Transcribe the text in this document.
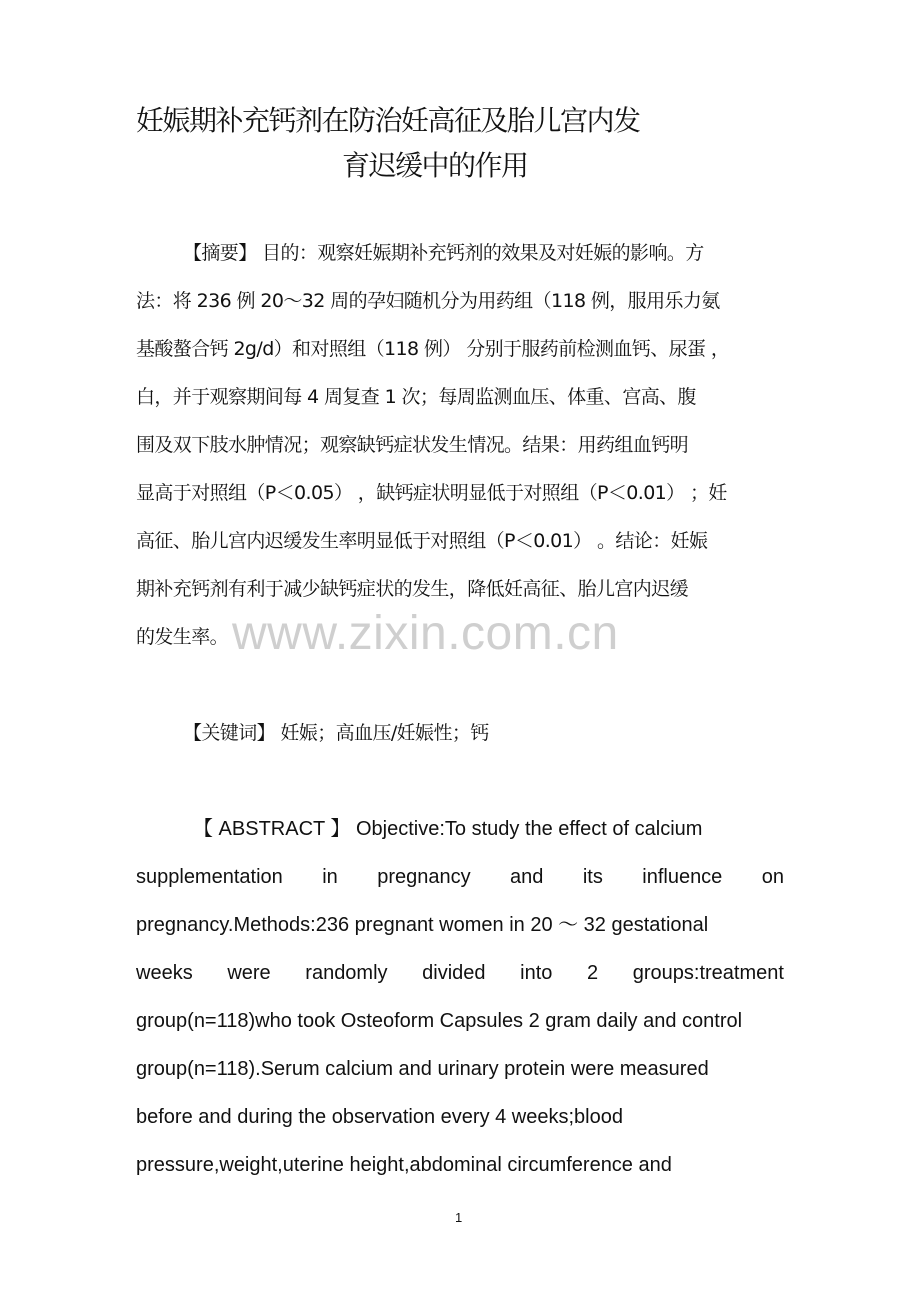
妊娠期补充钙剂在防治妊高征及胎儿宫内发
育迟缓中的作用
【摘要】 目的：观察妊娠期补充钙剂的效果及对妊娠的影响。方
法：将 236 例 20～32 周的孕妇随机分为用药组（118 例，服用乐力氨
基酸螯合钙 2g/d）和对照组（118 例） 分别于服药前检测血钙、尿蛋 ，
白，并于观察期间每 4 周复查 1 次；每周监测血压、体重、宫高、腹
围及双下肢水肿情况；观察缺钙症状发生情况。结果：用药组血钙明
显高于对照组（P＜0.05） ，缺钙症状明显低于对照组（P＜0.01） ；妊
高征、胎儿宫内迟缓发生率明显低于对照组（P＜0.01） 。结论：妊娠
期补充钙剂有利于减少缺钙症状的发生，降低妊高征、胎儿宫内迟缓
的发生率。 www.zixin.com.cn
【关键词】 妊娠；高血压/妊娠性；钙
【 ABSTRACT 】 Objective:To study the effect of calcium
supplementation in pregnancy and its influence on
pregnancy.Methods:236 pregnant women in 20 ～ 32 gestational
weeks were randomly divided into 2 groups:treatment
group(n=118)who took Osteoform Capsules 2 gram daily and control
group(n=118).Serum calcium and urinary protein were measured
before and during the observation every 4 weeks;blood
pressure,weight,uterine height,abdominal circumference and
1
